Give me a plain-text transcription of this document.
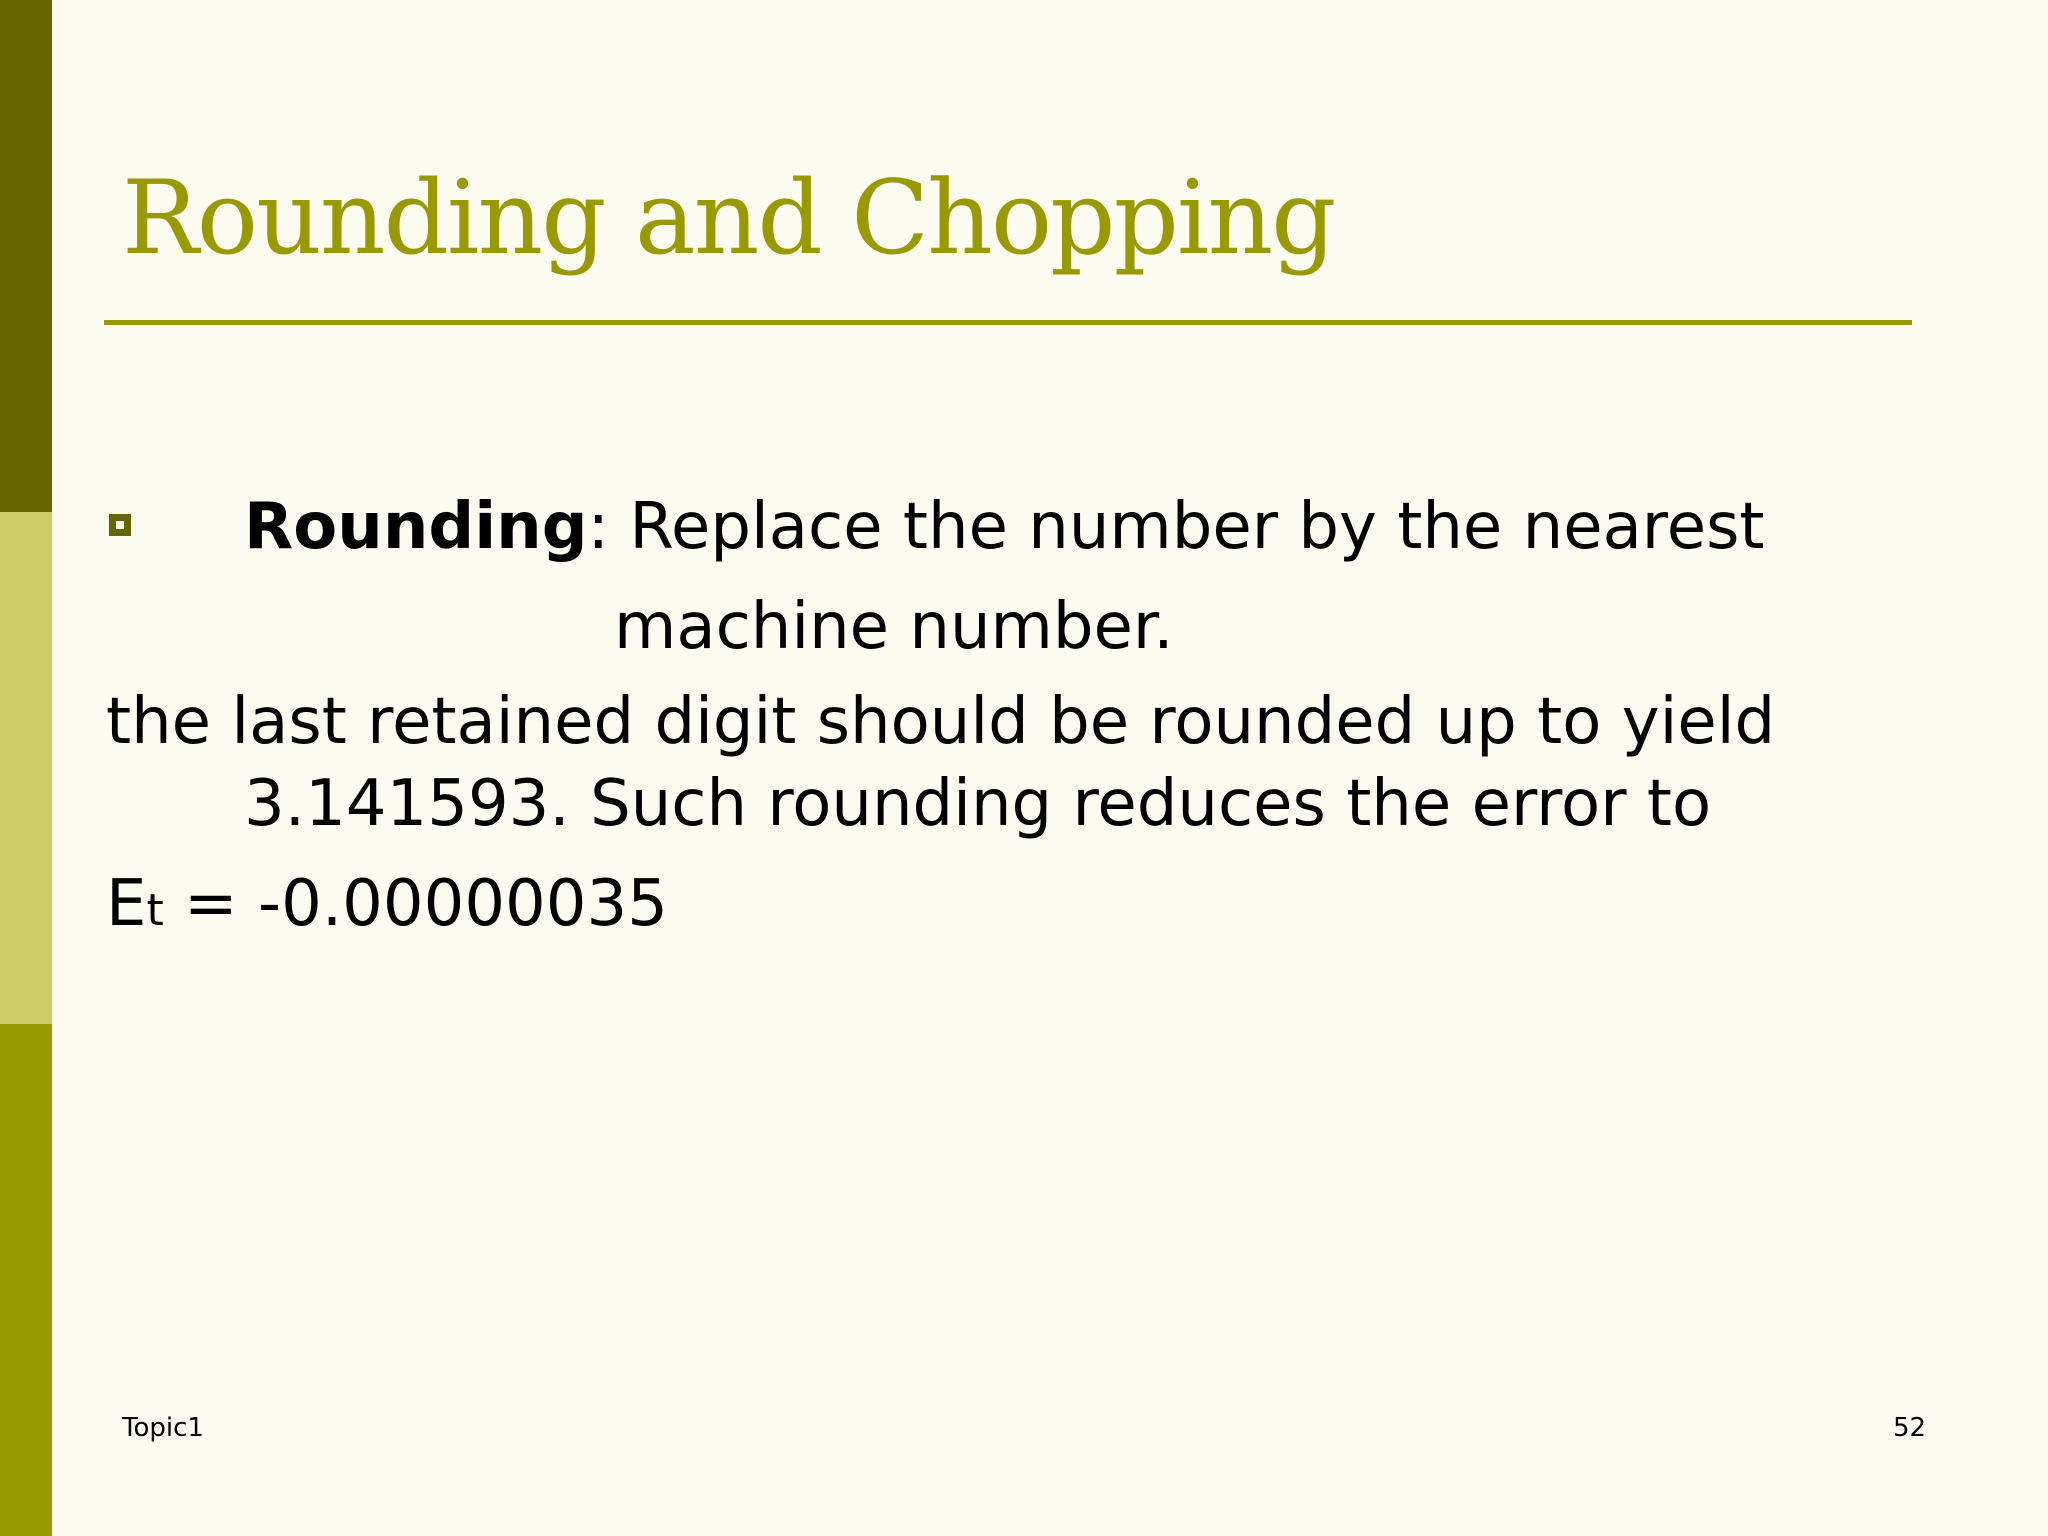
Rounding and Chopping
Rounding: Replace the number by the nearest
machine number.
the last retained digit should be rounded up to yield
3.141593. Such rounding reduces the error to
Et = -0.00000035
Topic1	52
